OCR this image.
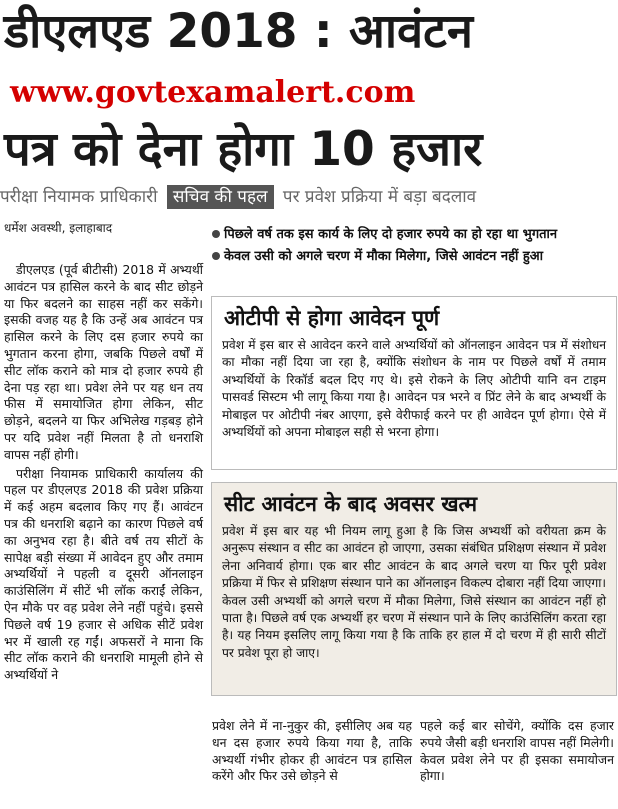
डीएलएड 2018 : आवंटन
www.govtexamalert.com
पत्र को देना होगा 10 हजार
परीक्षा नियामक प्राधिकारी सचिव की पहल पर प्रवेश प्रक्रिया में बड़ा बदलाव
धर्मेश अवस्थी, इलाहाबाद	पिछले वर्ष तक इस कार्य के लिए दो हजार रुपये का हो रहा था भुगतान
केवल उसी को अगले चरण में मौका मिलेगा, जिसे आवंटन नहीं हुआ

डीएलएड (पूर्व बीटीसी) 2018 में अभ्यर्थी आवंटन पत्र हासिल करने के बाद सीट छोड़ने या फिर बदलने का साहस नहीं कर सकेंगे। इसकी वजह यह है कि उन्हें अब आवंटन पत्र हासिल करने के लिए दस हजार रुपये का भुगतान करना होगा, जबकि पिछले वर्षों में सीट लॉक कराने को मात्र दो हजार रुपये ही देना पड़ रहा था। प्रवेश लेने पर यह धन तय फीस में समायोजित होगा लेकिन, सीट छोड़ने, बदलने या फिर अभिलेख गड़बड़ होने पर यदि प्रवेश नहीं मिलता है तो धनराशि वापस नहीं होगी।

परीक्षा नियामक प्राधिकारी कार्यालय की पहल पर डीएलएड 2018 की प्रवेश प्रक्रिया में कई अहम बदलाव किए गए हैं। आवंटन पत्र की धनराशि बढ़ाने का कारण पिछले वर्ष का अनुभव रहा है। बीते वर्ष तय सीटों के सापेक्ष बड़ी संख्या में आवेदन हुए और तमाम अभ्यर्थियों ने पहली व दूसरी ऑनलाइन काउंसिलिंग में सीटें भी लॉक कराईं लेकिन, ऐन मौके पर वह प्रवेश लेने नहीं पहुंचे। इससे पिछले वर्ष 19 हजार से अधिक सीटें प्रवेश भर में खाली रह गईं। अफसरों ने माना कि सीट लॉक कराने की धनराशि मामूली होने से अभ्यर्थियों ने

ओटीपी से होगा आवेदन पूर्ण

प्रवेश में इस बार से आवेदन करने वाले अभ्यर्थियों को ऑनलाइन आवेदन पत्र में संशोधन का मौका नहीं दिया जा रहा है, क्योंकि संशोधन के नाम पर पिछले वर्षों में तमाम अभ्यर्थियों के रिकॉर्ड बदल दिए गए थे। इसे रोकने के लिए ओटीपी यानि वन टाइम पासवर्ड सिस्टम भी लागू किया गया है। आवेदन पत्र भरने व प्रिंट लेने के बाद अभ्यर्थी के मोबाइल पर ओटीपी नंबर आएगा, इसे वेरीफाई करने पर ही आवेदन पूर्ण होगा। ऐसे में अभ्यर्थियों को अपना मोबाइल सही से भरना होगा।

सीट आवंटन के बाद अवसर खत्म

प्रवेश में इस बार यह भी नियम लागू हुआ है कि जिस अभ्यर्थी को वरीयता क्रम के अनुरूप संस्थान व सीट का आवंटन हो जाएगा, उसका संबंधित प्रशिक्षण संस्थान में प्रवेश लेना अनिवार्य होगा। एक बार सीट आवंटन के बाद अगले चरण या फिर पूरी प्रवेश प्रक्रिया में फिर से प्रशिक्षण संस्थान पाने का ऑनलाइन विकल्प दोबारा नहीं दिया जाएगा। केवल उसी अभ्यर्थी को अगले चरण में मौका मिलेगा, जिसे संस्थान का आवंटन नहीं हो पाता है। पिछले वर्ष एक अभ्यर्थी हर चरण में संस्थान पाने के लिए काउंसिलिंग करता रहा है। यह नियम इसलिए लागू किया गया है कि ताकि हर हाल में दो चरण में ही सारी सीटों पर प्रवेश पूरा हो जाए।

प्रवेश लेने में ना-नुकुर की, इसीलिए अब यह धन दस हजार रुपये किया गया है, ताकि अभ्यर्थी गंभीर होकर ही आवंटन पत्र हासिल करेंगे और फिर उसे छोड़ने से

पहले कई बार सोचेंगे, क्योंकि दस हजार रुपये जैसी बड़ी धनराशि वापस नहीं मिलेगी। केवल प्रवेश लेने पर ही इसका समायोजन होगा।
